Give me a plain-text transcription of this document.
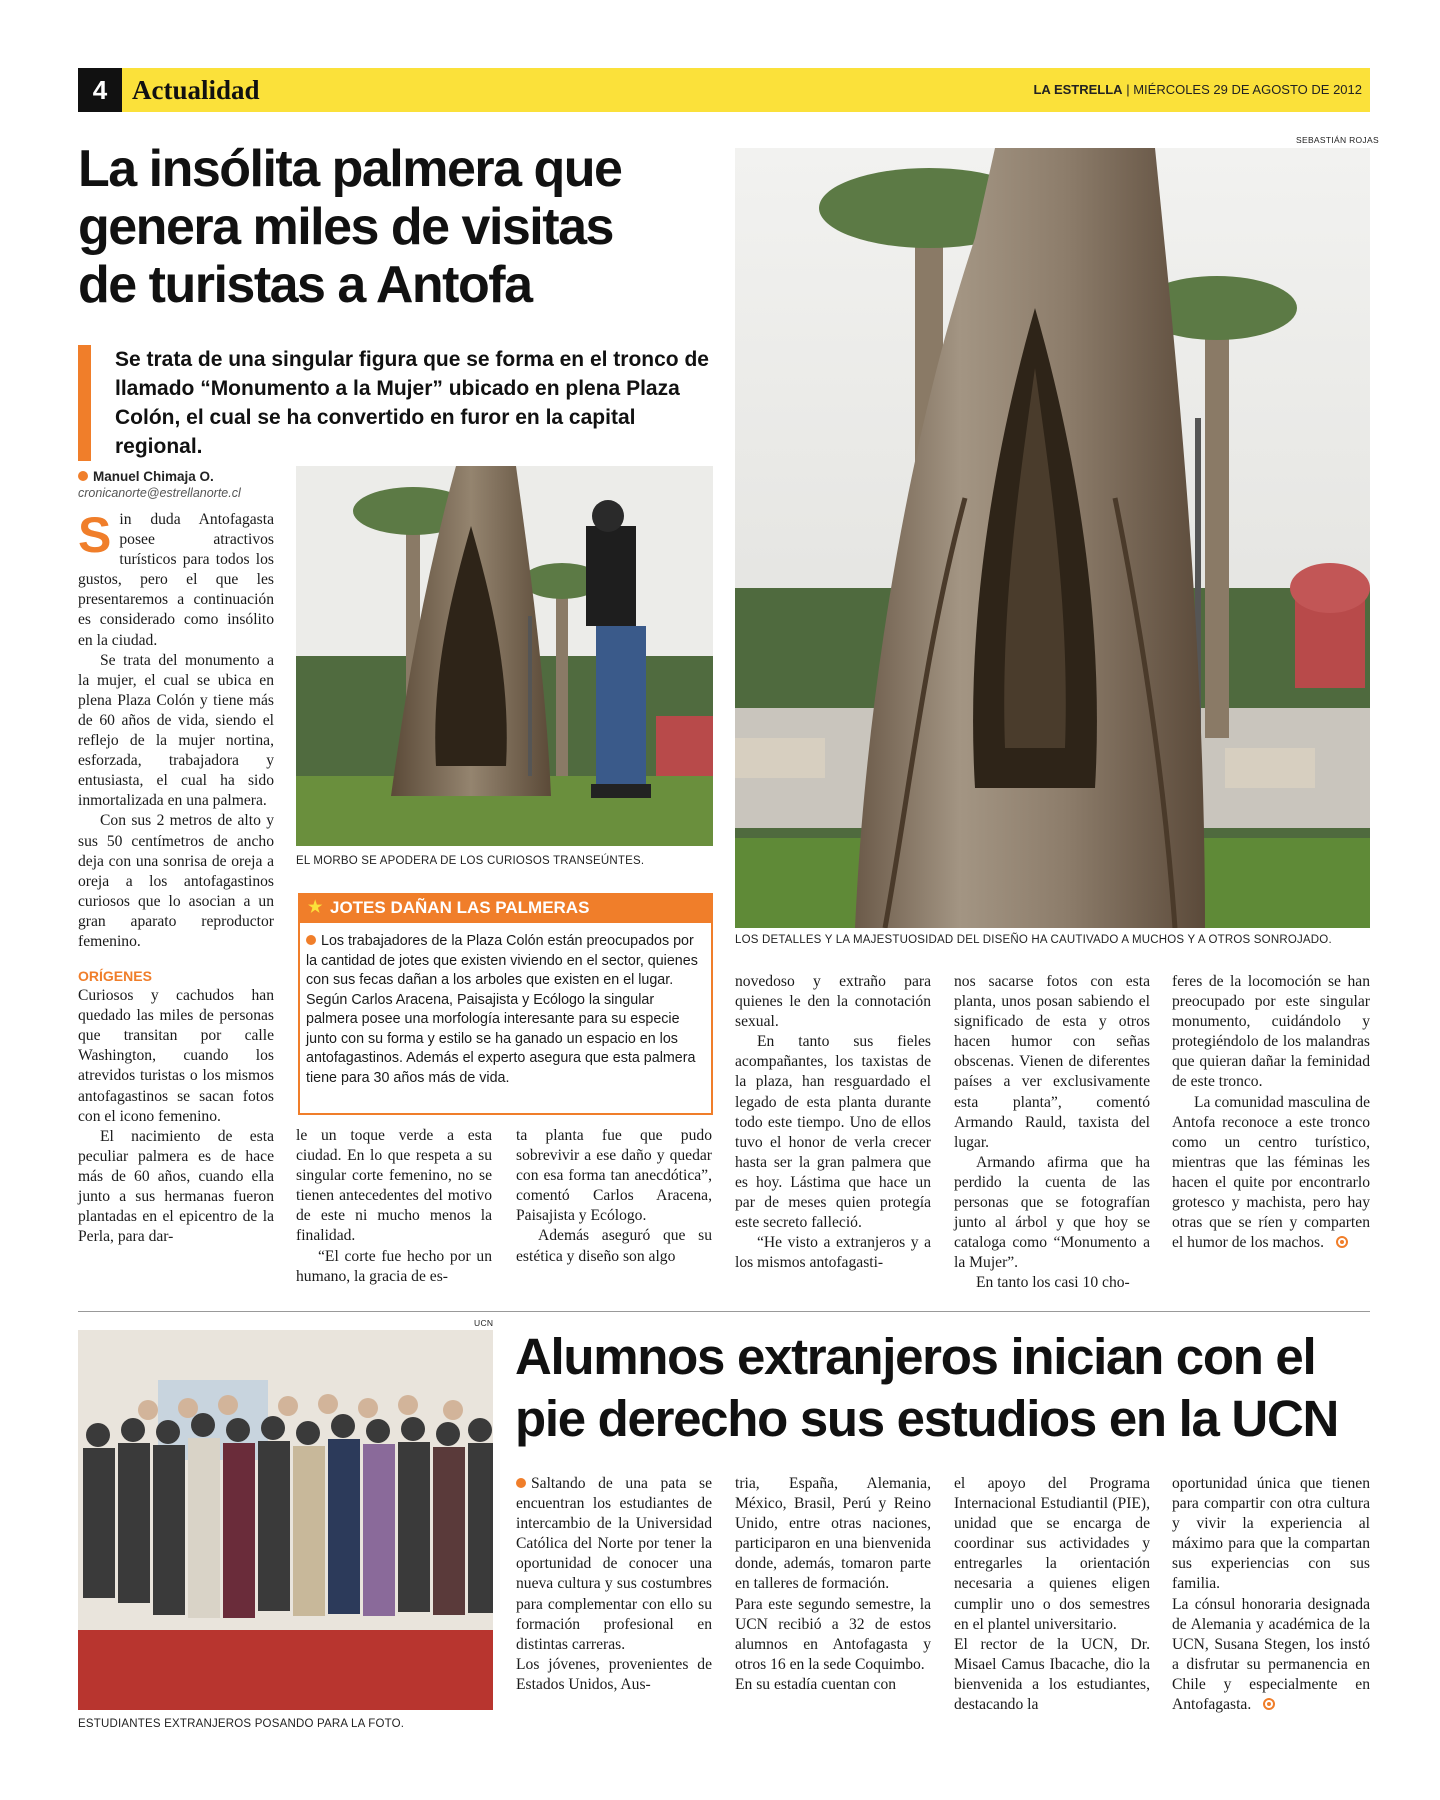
4 Actualidad	LA ESTRELLA | MIÉRCOLES 29 DE AGOSTO DE 2012
La insólita palmera que
genera miles de visitas
de turistas a Antofa
Se trata de una singular figura que se forma en el tronco de
llamado “Monumento a la Mujer” ubicado en plena Plaza
Colón, el cual se ha convertido en furor en la capital regional.
SEBASTIÁN ROJAS
LOS DETALLES Y LA MAJESTUOSIDAD DEL DISEÑO HA CAUTIVADO A MUCHOS Y A OTROS SONROJADO.
EL MORBO SE APODERA DE LOS CURIOSOS TRANSEÚNTES.
Manuel Chimaja O.
cronicanorte@estrellanorte.cl

Sin duda Antofagasta posee atractivos turísticos para todos los gustos, pero el que les presentaremos a continuación es considerado como insólito en la ciudad.

Se trata del monumento a la mujer, el cual se ubica en plena Plaza Colón y tiene más de 60 años de vida, siendo el reflejo de la mujer nortina, esforzada, trabajadora y entusiasta, el cual ha sido inmortalizada en una palmera.

Con sus 2 metros de alto y sus 50 centímetros de ancho deja con una sonrisa de oreja a oreja a los antofagastinos curiosos que lo asocian a un gran aparato reproductor femenino.

ORÍGENES

Curiosos y cachudos han quedado las miles de personas que transitan por calle Washington, cuando los atrevidos turistas o los mismos antofagastinos se sacan fotos con el icono femenino.

El nacimiento de esta peculiar palmera es de hace más de 60 años, cuando ella junto a sus hermanas fueron plantadas en el epicentro de la Perla, para dar-

le un toque verde a esta ciudad. En lo que respeta a su singular corte femenino, no se tienen antecedentes del motivo de este ni mucho menos la finalidad.

“El corte fue hecho por un humano, la gracia de es-

ta planta fue que pudo sobrevivir a ese daño y quedar con esa forma tan anecdótica”, comentó Carlos Aracena, Paisajista y Ecólogo.

Además aseguró que su estética y diseño son algo

novedoso y extraño para quienes le den la connotación sexual.

En tanto sus fieles acompañantes, los taxistas de la plaza, han resguardado el legado de esta planta durante todo este tiempo. Uno de ellos tuvo el honor de verla crecer hasta ser la gran palmera que es hoy. Lástima que hace un par de meses quien protegía este secreto falleció.

“He visto a extranjeros y a los mismos antofagasti-

nos sacarse fotos con esta planta, unos posan sabiendo el significado de esta y otros hacen humor con señas obscenas. Vienen de diferentes países a ver exclusivamente esta planta”, comentó Armando Rauld, taxista del lugar.

Armando afirma que ha perdido la cuenta de las personas que se fotografían junto al árbol y que hoy se cataloga como “Monumento a la Mujer”.

En tanto los casi 10 cho-

feres de la locomoción se han preocupado por este singular monumento, cuidándolo y protegiéndolo de los malandras que quieran dañar la feminidad de este tronco.

La comunidad masculina de Antofa reconoce a este tronco como un centro turístico, mientras que las féminas les hacen el quite por encontrarlo grotesco y machista, pero hay otras que se ríen y comparten el humor de los machos.

★ JOTES DAÑAN LAS PALMERAS

Los trabajadores de la Plaza Colón están preocupados por la cantidad de jotes que existen viviendo en el sector, quienes con sus fecas dañan a los arboles que existen en el lugar.

Según Carlos Aracena, Paisajista y Ecólogo la singular palmera posee una morfología interesante para su especie junto con su forma y estilo se ha ganado un espacio en los antofagastinos. Además el experto asegura que esta palmera tiene para 30 años más de vida.

UCN
ESTUDIANTES EXTRANJEROS POSANDO PARA LA FOTO.
Alumnos extranjeros inician con el
pie derecho sus estudios en la UCN

Saltando de una pata se encuentran los estudiantes de intercambio de la Universidad Católica del Norte por tener la oportunidad de conocer una nueva cultura y sus costumbres para complementar con ello su formación profesional en distintas carreras.

Los jóvenes, provenientes de Estados Unidos, Aus-

tria, España, Alemania, México, Brasil, Perú y Reino Unido, entre otras naciones, participaron en una bienvenida donde, además, tomaron parte en talleres de formación.

Para este segundo semestre, la UCN recibió a 32 de estos alumnos en Antofagasta y otros 16 en la sede Coquimbo.

En su estadía cuentan con

el apoyo del Programa Internacional Estudiantil (PIE), unidad que se encarga de coordinar sus actividades y entregarles la orientación necesaria a quienes eligen cumplir uno o dos semestres en el plantel universitario.

El rector de la UCN, Dr. Misael Camus Ibacache, dio la bienvenida a los estudiantes, destacando la

oportunidad única que tienen para compartir con otra cultura y vivir la experiencia al máximo para que la compartan sus experiencias con sus familia.

La cónsul honoraria designada de Alemania y académica de la UCN, Susana Stegen, los instó a disfrutar su permanencia en Chile y especialmente en Antofagasta.
